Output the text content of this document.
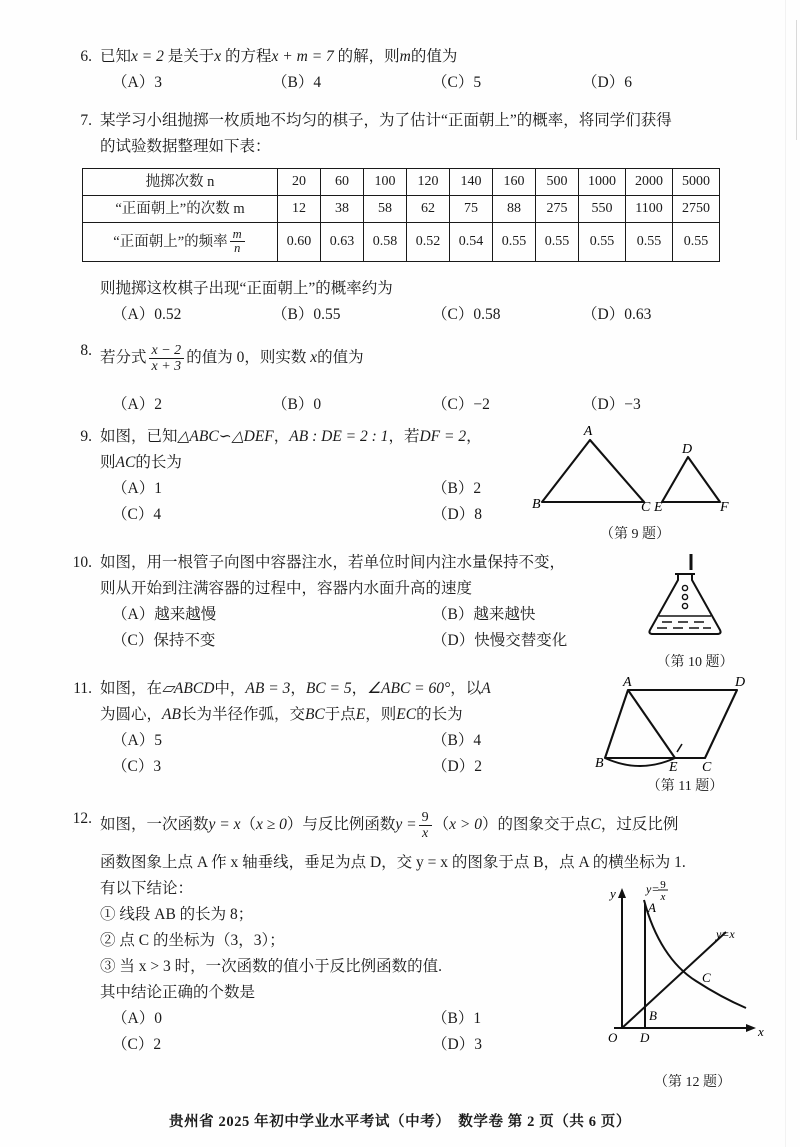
6. 已知x = 2 是关于x 的方程x + m = 7 的解，则m的值为
（A）3	（B）4	（C）5	（D）6
7. 某学习小组抛掷一枚质地不均匀的棋子，为了估计“正面朝上”的概率，将同学们获得
的试验数据整理如下表：
抛掷次数 n	20	60	100	120	140	160	500	1000	2000	5000
“正面朝上”的次数 m	12	38	58	62	75	88	275	550	1100	2750
“正面朝上”的频率 $\frac{m}{n}$	0.60	0.63	0.58	0.52	0.54	0.55	0.55	0.55	0.55	0.55
则抛掷这枚棋子出现“正面朝上”的概率约为
（A）0.52	（B）0.55	（C）0.58	（D）0.63
8. 若分式 $\frac{x - 2}{x + 3}$ 的值为 0，则实数 x的值为
（A）2	（B）0	（C）−2	（D）−3
9. 如图，已知△ABC∽△DEF，AB : DE = 2 : 1，若DF = 2，
则AC的长为
（A）1	（B）2
（C）4	（D）8
A
B	C
D
E	F
（第 9 题）
10. 如图，用一根管子向图中容器注水，若单位时间内注水量保持不变，
则从开始到注满容器的过程中，容器内水面升高的速度
（A）越来越慢	（B）越来越快
（C）保持不变	（D）快慢交替变化
（第 10 题）
11. 如图，在▱ABCD中，AB = 3，BC = 5，∠ABC = 60°，以A
为圆心，AB长为半径作弧，交BC于点E，则EC的长为
（A）5	（B）4
（C）3	（D）2
A	D
B	E C
（第 11 题）
12. 如图，一次函数y = x（x ≥ 0）与反比例函数$y = \frac{9}{x} (x > 0)$的图象交于点C，过反比例
函数图象上点 A 作 x 轴垂线，垂足为点 D，交 y = x 的图象于点 B，点 A 的横坐标为 1.
有以下结论：
① 线段 AB 的长为 8；
② 点 C 的坐标为（3，3）；
③ 当 x > 3 时，一次函数的值小于反比例函数的值.
其中结论正确的个数是
（A）0	（B）1
（C）2	（D）3
y
x
O D
A
B
C
y= 9
x
y=x
（第 12 题）
贵州省 2025 年初中学业水平考试（中考）　数学卷 第 2 页（共 6 页）
